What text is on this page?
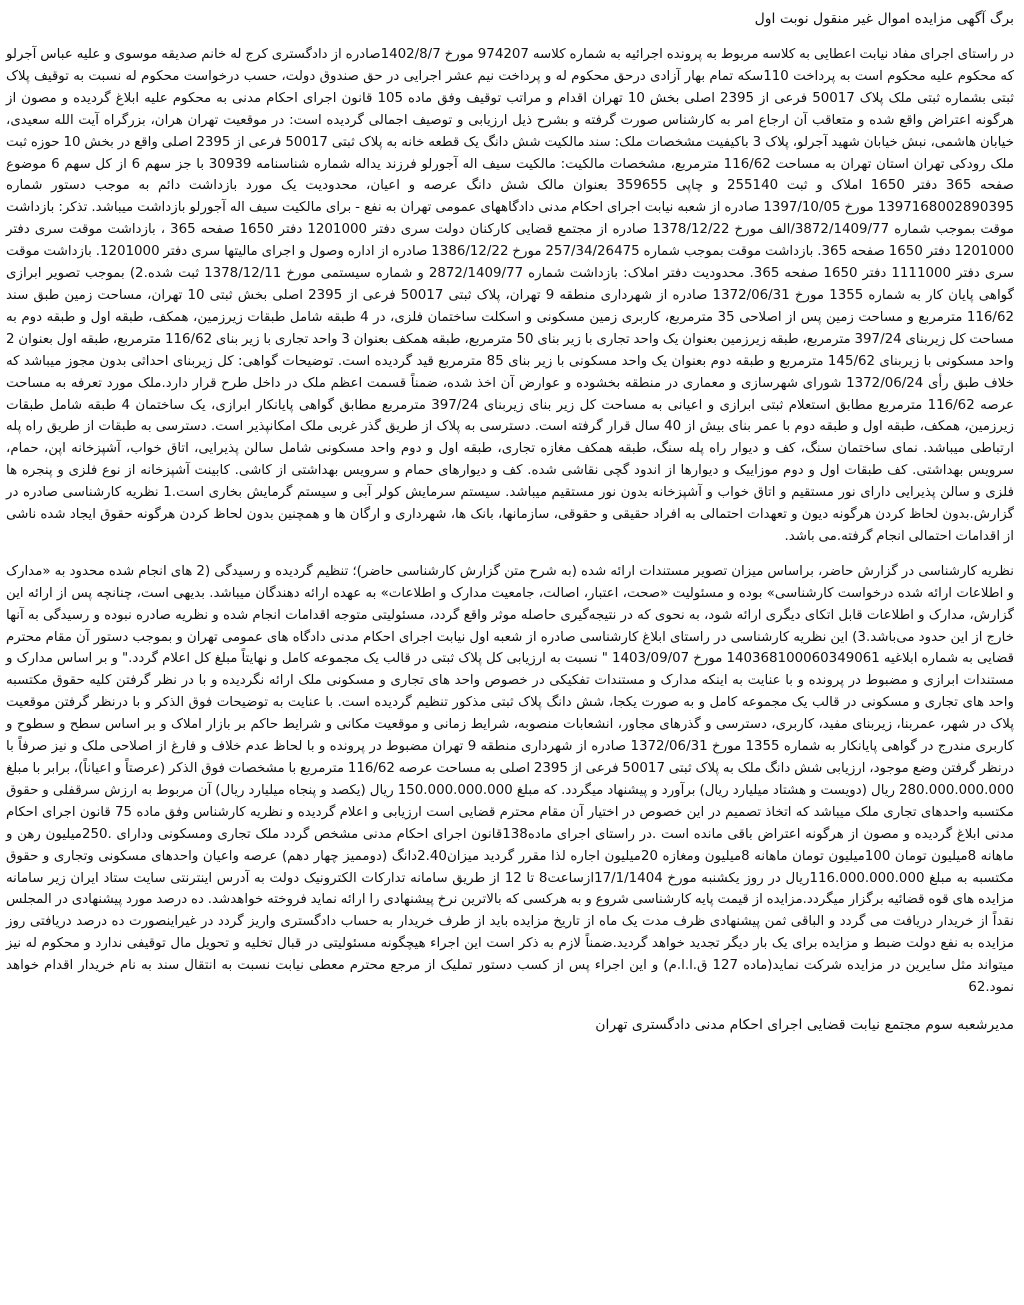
برگ آگهی مزایده اموال غیر منقول نوبت اول

در راستای اجرای مفاد نیابت اعطایی به کلاسه مربوط به پرونده اجرائیه به شماره کلاسه 974207 مورخ 1402/8/7صادره از دادگستری کرج له خانم صدیقه موسوی و علیه عباس آجرلو که محکوم علیه محکوم است به پرداخت 110سکه تمام بهار آزادی درحق محکوم له و پرداخت نیم عشر اجرایی در حق صندوق دولت، حسب درخواست محکوم له نسبت به توقیف پلاک ثبتی بشماره ثبتی ملک پلاک 50017 فرعی از 2395 اصلی بخش 10 تهران اقدام و مراتب توقیف وفق ماده 105 قانون اجرای احکام مدنی به محکوم علیه ابلاغ گردیده و مصون از هرگونه اعتراض واقع شده و متعاقب آن ارجاع امر به کارشناس صورت گرفته و بشرح ذیل ارزیابی و توصیف اجمالی گردیده است: در موقعیت تهران هران، بزرگراه آیت الله سعیدی، خیابان هاشمی، نبش خیابان شهید آجرلو، پلاک 3 باکیفیت مشخصات ملک: سند مالکیت شش دانگ یک قطعه خانه به پلاک ثبتی 50017 فرعی از 2395 اصلی واقع در بخش 10 حوزه ثبت ملک رودکی تهران استان تهران به مساحت 116/62 مترمربع، مشخصات مالکیت: مالکیت سیف اله آجورلو فرزند یداله شماره شناسنامه 30939 با جز سهم 6 از کل سهم 6 موضوع صفحه 365 دفتر 1650 املاک و ثبت 255140 و چاپی 359655 بعنوان مالک شش دانگ عرصه و اعیان، محدودیت یک مورد بازداشت دائم به موجب دستور شماره 1397168002890395 مورخ 1397/10/05 صادره از شعبه نیابت اجرای احکام مدنی دادگاههای عمومی تهران به نفع - برای مالکیت سیف اله آجورلو بازداشت میباشد. تذکر: بازداشت موقت بموجب شماره 3872/1409/77/الف مورخ 1378/12/22 صادره از مجتمع قضایی کارکنان دولت سری دفتر 1201000 دفتر 1650 صفحه 365 ، بازداشت موقت سری دفتر 1201000 دفتر 1650 صفحه 365. بازداشت موقت بموجب شماره 257/34/26475 مورخ 1386/12/22 صادره از اداره وصول و اجرای مالیتها سری دفتر 1201000. بازداشت موقت سری دفتر 1111000 دفتر 1650 صفحه 365. محدودیت دفتر املاک: بازداشت شماره 2872/1409/77 و شماره سیستمی مورخ 1378/12/11 ثبت شده.2) بموجب تصویر ابرازی گواهی پایان کار به شماره 1355 مورخ 1372/06/31 صادره از شهرداری منطقه 9 تهران، پلاک ثبتی 50017 فرعی از 2395 اصلی بخش ثبتی 10 تهران، مساحت زمین طبق سند 116/62 مترمربع و مساحت زمین پس از اصلاحی 35 مترمربع، کاربری زمین مسکونی و اسکلت ساختمان فلزی، در 4 طبقه شامل طبقات زیرزمین، همکف، طبقه اول و طبقه دوم به مساحت کل زیربنای 397/24 مترمربع، طبقه زیرزمین بعنوان یک واحد تجاری با زیر بنای 50 مترمربع، طبقه همکف بعنوان 3 واحد تجاری با زیر بنای 116/62 مترمربع، طبقه اول بعنوان 2 واحد مسکونی با زیربنای 145/62 مترمربع و طبقه دوم بعنوان یک واحد مسکونی با زیر بنای 85 مترمربع قید گردیده است. توضیحات گواهی: کل زیربنای احداثی بدون مجوز میباشد که خلاف طبق رأی 1372/06/24 شورای شهرسازی و معماری در منطقه بخشوده و عوارض آن اخذ شده، ضمناً قسمت اعظم ملک در داخل طرح قرار دارد.ملک مورد تعرفه به مساحت عرصه 116/62 مترمربع مطابق استعلام ثبتی ابرازی و اعیانی به مساحت کل زیر بنای زیربنای 397/24 مترمربع مطابق گواهی پایانکار ابرازی، یک ساختمان 4 طبقه شامل طبقات زیرزمین، همکف، طبقه اول و طبقه دوم با عمر بنای بیش از 40 سال قرار گرفته است. دسترسی به پلاک از طریق گذر غربی ملک امکانپذیر است. دسترسی به طبقات از طریق راه پله ارتباطی میباشد. نمای ساختمان سنگ، کف و دیوار راه پله سنگ، طبقه همکف مغازه تجاری، طبقه اول و دوم واحد مسکونی شامل سالن پذیرایی، اتاق خواب، آشپزخانه اپن، حمام، سرویس بهداشتی. کف طبقات اول و دوم موزاییک و دیوارها از اندود گچی نقاشی شده. کف و دیوارهای حمام و سرویس بهداشتی از کاشی. کابینت آشپزخانه از نوع فلزی و پنجره ها فلزی و سالن پذیرایی دارای نور مستقیم و اتاق خواب و آشپزخانه بدون نور مستقیم میباشد. سیستم سرمایش کولر آبی و سیستم گرمایش بخاری است.1 نظریه کارشناسی صادره در گزارش.بدون لحاظ کردن هرگونه دیون و تعهدات احتمالی به افراد حقیقی و حقوقی، سازمانها، بانک ها، شهرداری و ارگان ها و همچنین بدون لحاظ کردن هرگونه حقوق ایجاد شده ناشی از اقدامات احتمالی انجام گرفته.می باشد.

نظریه کارشناسی در گزارش حاضر، براساس میزان تصویر مستندات ارائه شده (به شرح متن گزارش کارشناسی حاضر)؛ تنظیم گردیده و رسیدگی (2 های انجام شده محدود به «مدارک و اطلاعات ارائه شده درخواست کارشناسی» بوده و مسئولیت «صحت، اعتبار، اصالت، جامعیت مدارک و اطلاعات» به عهده ارائه دهندگان میباشد. بدیهی است، چنانچه پس از ارائه این گزارش، مدارک و اطلاعات قابل اتکای دیگری ارائه شود، به نحوی که در نتیجه‌گیری حاصله موثر واقع گردد، مسئولیتی متوجه اقدامات انجام شده و نظریه صادره نبوده و رسیدگی به آنها خارج از این حدود می‌باشد.3) این نظریه کارشناسی در راستای ابلاغ کارشناسی صادره از شعبه اول نیابت اجرای احکام مدنی دادگاه های عمومی تهران و بموجب دستور آن مقام محترم قضایی به شماره ابلاغیه 140368100060349061 مورخ 1403/09/07 " نسبت به ارزیابی کل پلاک ثبتی در قالب یک مجموعه کامل و نهایتاً مبلغ کل اعلام گردد." و بر اساس مدارک و مستندات ابرازی و مضبوط در پرونده و با عنایت به اینکه مدارک و مستندات تفکیکی در خصوص واحد های تجاری و مسکونی ملک ارائه نگردیده و با در نظر گرفتن کلیه حقوق مکتسبه واحد های تجاری و مسکونی در قالب یک مجموعه کامل و به صورت یکجا، شش دانگ پلاک ثبتی مذکور تنظیم گردیده است. با عنایت به توضیحات فوق الذکر و با درنظر گرفتن موقعیت پلاک در شهر، عمربنا، زیربنای مفید، کاربری، دسترسی و گذرهای مجاور، انشعابات منصوبه، شرایط زمانی و موقعیت مکانی و شرایط حاکم بر بازار املاک و بر اساس سطح و سطوح و کاربری مندرج در گواهی پایانکار به شماره 1355 مورخ 1372/06/31 صادره از شهرداری منطقه 9 تهران مضبوط در پرونده و با لحاظ عدم خلاف و فارغ از اصلاحی ملک و نیز صرفاً با درنظر گرفتن وضع موجود، ارزیابی شش دانگ ملک به پلاک ثبتی 50017 فرعی از 2395 اصلی به مساحت عرصه 116/62 مترمربع با مشخصات فوق الذکر (عرصتاً و اعیاناً)، برابر با مبلغ 280.000.000.000 ریال (دویست و هشتاد میلیارد ریال) برآورد و پیشنهاد میگردد. که مبلغ 150.000.000.000 ریال (یکصد و پنجاه میلیارد ریال) آن مربوط به ارزش سرقفلی و حقوق مکتسبه واحدهای تجاری ملک میباشد که اتخاذ تصمیم در این خصوص در اختیار آن مقام محترم قضایی است ارزیابی و اعلام گردیده و نظریه کارشناس وفق ماده 75 قانون اجرای احکام مدنی ابلاغ گردیده و مصون از هرگونه اعتراض باقی مانده است .در راستای اجرای ماده138قانون اجرای احکام مدنی مشخص گردد ملک تجاری ومسکونی ودارای .250میلیون رهن و ماهانه 8میلیون تومان 100میلیون تومان ماهانه 8میلیون ومغازه 20میلیون اجاره لذا مقرر گردید میزان2.40دانگ (دوممیز چهار دهم) عرصه واعیان واحدهای مسکونی وتجاری و حقوق مکتسبه به مبلغ 116.000.000.000ریال در روز یکشنبه مورخ 17/1/1404ازساعت8 تا 12 از طریق سامانه تدارکات الکترونیک دولت به آدرس اینترنتی سایت ستاد ایران زیر سامانه مزایده های قوه قضائیه برگزار میگردد.مزایده از قیمت پایه کارشناسی شروع و به هرکسی که بالاترین نرخ پیشنهادی را ارائه نماید فروخته خواهدشد. ده درصد مورد پیشنهادی در المجلس نقداً از خریدار دریافت می گردد و الباقی ثمن پیشنهادی ظرف مدت یک ماه از تاریخ مزایده باید از طرف خریدار به حساب دادگستری واریز گردد در غیراینصورت ده درصد دریافتی روز مزایده به نفع دولت ضبط و مزایده برای یک بار دیگر تجدید خواهد گردید.ضمناً لازم به ذکر است این اجراء هیچگونه مسئولیتی در قبال تخلیه و تحویل مال توقیفی ندارد و محکوم له نیز میتواند مثل سایرین در مزایده شرکت نماید(ماده 127 ق.ا.ا.م) و این اجراء پس از کسب دستور تملیک از مرجع محترم معطی نیابت نسبت به انتقال سند به نام خریدار اقدام خواهد نمود.62

مدیرشعبه سوم مجتمع نیابت قضایی اجرای احکام مدنی دادگستری تهران
